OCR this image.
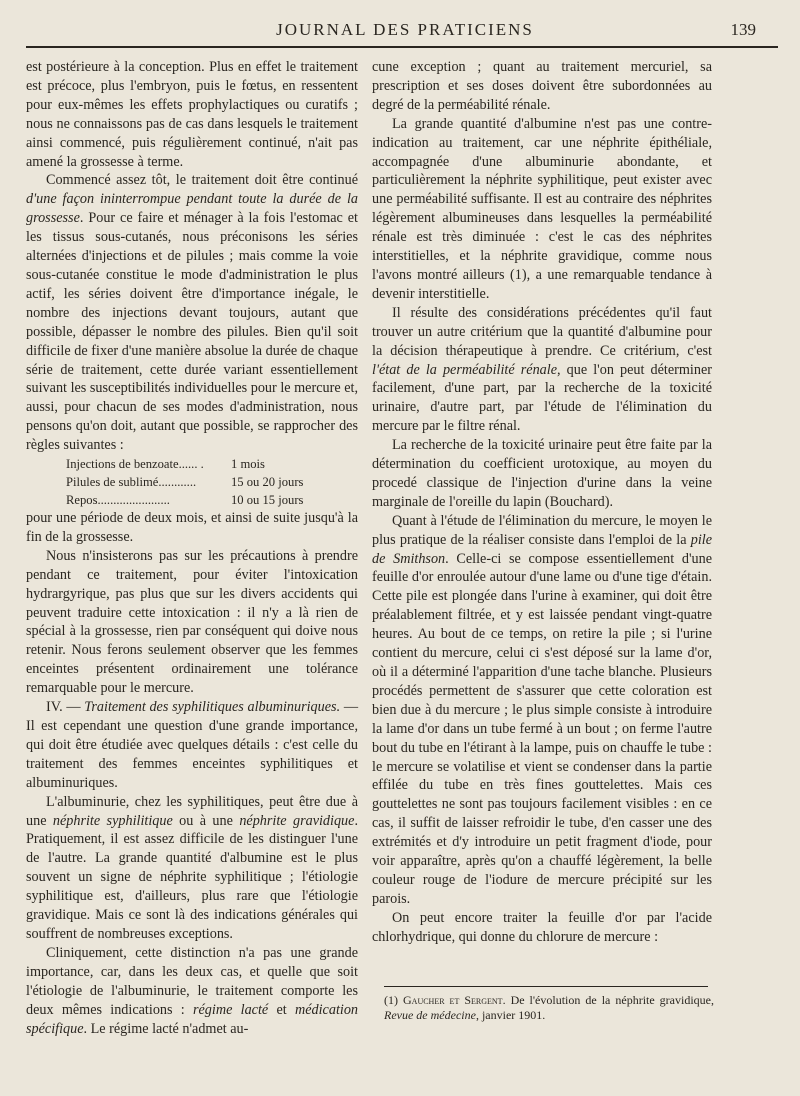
JOURNAL DES PRATICIENS	139

est postérieure à la conception. Plus en effet le traitement est précoce, plus l'embryon, puis le fœtus, en ressentent pour eux-mêmes les effets prophylactiques ou curatifs ; nous ne connaissons pas de cas dans lesquels le traitement ainsi commencé, puis régulièrement continué, n'ait pas amené la grossesse à terme.

Commencé assez tôt, le traitement doit être continué d'une façon ininterrompue pendant toute la durée de la grossesse. Pour ce faire et ménager à la fois l'estomac et les tissus sous-cutanés, nous préconisons les séries alternées d'injections et de pilules ; mais comme la voie sous-cutanée constitue le mode d'administration le plus actif, les séries doivent être d'importance inégale, le nombre des injections devant toujours, autant que possible, dépasser le nombre des pilules. Bien qu'il soit difficile de fixer d'une manière absolue la durée de chaque série de traitement, cette durée variant essentiellement suivant les susceptibilités individuelles pour le mercure et, aussi, pour chacun de ses modes d'administration, nous pensons qu'on doit, autant que possible, se rapprocher des règles suivantes :

Injections de benzoate...... .	1 mois
Pilules de sublimé............	15 ou 20 jours
Repos.......................	10 ou 15 jours

pour une période de deux mois, et ainsi de suite jusqu'à la fin de la grossesse.

Nous n'insisterons pas sur les précautions à prendre pendant ce traitement, pour éviter l'intoxication hydrargyrique, pas plus que sur les divers accidents qui peuvent traduire cette intoxication : il n'y a là rien de spécial à la grossesse, rien par conséquent qui doive nous retenir. Nous ferons seulement observer que les femmes enceintes présentent ordinairement une tolérance remarquable pour le mercure.

IV. — Traitement des syphilitiques albuminuriques. — Il est cependant une question d'une grande importance, qui doit être étudiée avec quelques détails : c'est celle du traitement des femmes enceintes syphilitiques et albuminuriques.

L'albuminurie, chez les syphilitiques, peut être due à une néphrite syphilitique ou à une néphrite gravidique. Pratiquement, il est assez difficile de les distinguer l'une de l'autre. La grande quantité d'albumine est le plus souvent un signe de néphrite syphilitique ; l'étiologie syphilitique est, d'ailleurs, plus rare que l'étiologie gravidique. Mais ce sont là des indications générales qui souffrent de nombreuses exceptions.

Cliniquement, cette distinction n'a pas une grande importance, car, dans les deux cas, et quelle que soit l'étiologie de l'albuminurie, le traitement comporte les deux mêmes indications : régime lacté et médication spécifique. Le régime lacté n'admet au-

cune exception ; quant au traitement mercuriel, sa prescription et ses doses doivent être subordonnées au degré de la perméabilité rénale.

La grande quantité d'albumine n'est pas une contre-indication au traitement, car une néphrite épithéliale, accompagnée d'une albuminurie abondante, et particulièrement la néphrite syphilitique, peut exister avec une perméabilité suffisante. Il est au contraire des néphrites légèrement albumineuses dans lesquelles la perméabilité rénale est très diminuée : c'est le cas des néphrites interstitielles, et la néphrite gravidique, comme nous l'avons montré ailleurs (1), a une remarquable tendance à devenir interstitielle.

Il résulte des considérations précédentes qu'il faut trouver un autre critérium que la quantité d'albumine pour la décision thérapeutique à prendre. Ce critérium, c'est l'état de la perméabilité rénale, que l'on peut déterminer facilement, d'une part, par la recherche de la toxicité urinaire, d'autre part, par l'étude de l'élimination du mercure par le filtre rénal.

La recherche de la toxicité urinaire peut être faite par la détermination du coefficient urotoxique, au moyen du procedé classique de l'injection d'urine dans la veine marginale de l'oreille du lapin (Bouchard).

Quant à l'étude de l'élimination du mercure, le moyen le plus pratique de la réaliser consiste dans l'emploi de la pile de Smithson. Celle-ci se compose essentiellement d'une feuille d'or enroulée autour d'une lame ou d'une tige d'étain. Cette pile est plongée dans l'urine à examiner, qui doit être préalablement filtrée, et y est laissée pendant vingt-quatre heures. Au bout de ce temps, on retire la pile ; si l'urine contient du mercure, celui ci s'est déposé sur la lame d'or, où il a déterminé l'apparition d'une tache blanche. Plusieurs procédés permettent de s'assurer que cette coloration est bien due à du mercure ; le plus simple consiste à introduire la lame d'or dans un tube fermé à un bout ; on ferme l'autre bout du tube en l'étirant à la lampe, puis on chauffe le tube : le mercure se volatilise et vient se condenser dans la partie effilée du tube en très fines gouttelettes. Mais ces gouttelettes ne sont pas toujours facilement visibles : en ce cas, il suffit de laisser refroidir le tube, d'en casser une des extrémités et d'y introduire un petit fragment d'iode, pour voir apparaître, après qu'on a chauffé légèrement, la belle couleur rouge de l'iodure de mercure précipité sur les parois.

On peut encore traiter la feuille d'or par l'acide chlorhydrique, qui donne du chlorure de mercure :

(1) Gaucher et Sergent. De l'évolution de la néphrite gravidique, Revue de médecine, janvier 1901.
